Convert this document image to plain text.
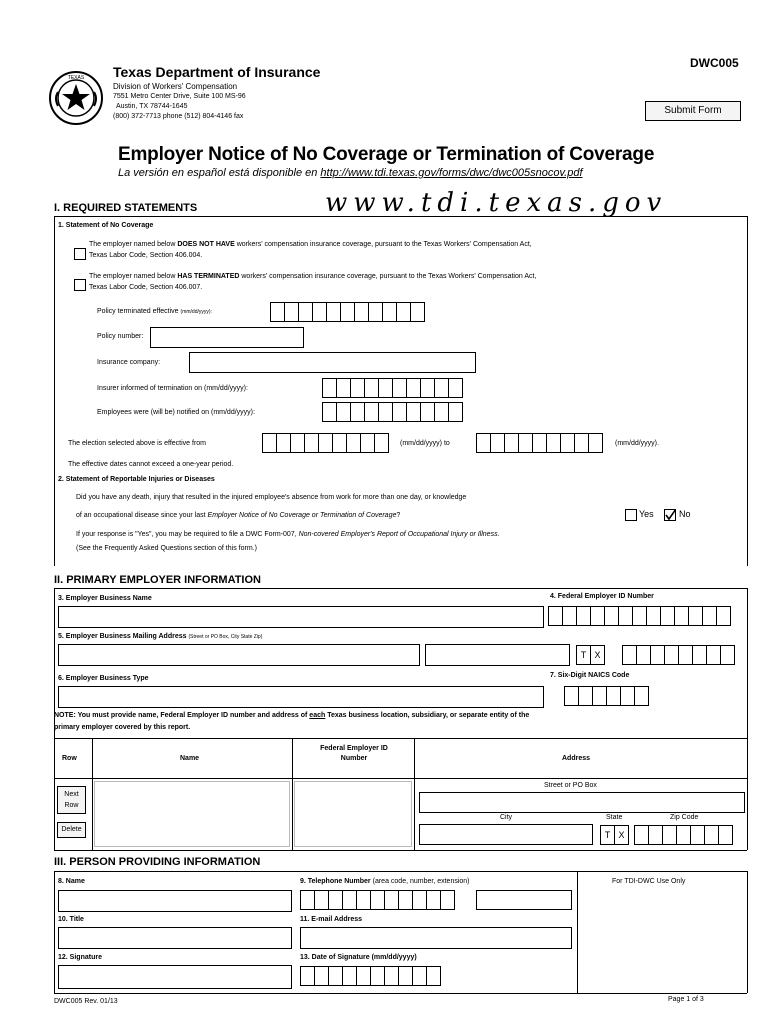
TEXAS Texas Department of Insurance
Division of Workers' Compensation
7551 Metro Center Drive, Suite 100 MS-96
Austin, TX 78744-1645
(800) 372-7713 phone (512) 804-4146 fax
DWC005
Submit Form
Employer Notice of No Coverage or Termination of Coverage
La versión en español está disponible en http://www.tdi.texas.gov/forms/dwc/dwc005snocov.pdf
I. REQUIRED STATEMENTS	www.tdi.texas.gov
1. Statement of No Coverage
The employer named below DOES NOT HAVE workers' compensation insurance coverage, pursuant to the Texas Workers' Compensation Act,
Texas Labor Code, Section 406.004.
The employer named below HAS TERMINATED workers' compensation insurance coverage, pursuant to the Texas Workers' Compensation Act,
Texas Labor Code, Section 406.007.
Policy terminated effective (mm/dd/yyyy):
Policy number:
Insurance company:
Insurer informed of termination on (mm/dd/yyyy):
Employees were (will be) notified on (mm/dd/yyyy):
The election selected above is effective from	(mm/dd/yyyy) to	(mm/dd/yyyy).
The effective dates cannot exceed a one-year period.
2. Statement of Reportable Injuries or Diseases
Did you have any death, injury that resulted in the injured employee's absence from work for more than one day, or knowledge
of an occupational disease since your last Employer Notice of No Coverage or Termination of Coverage?	Yes	No
If your response is "Yes", you may be required to file a DWC Form-007, Non-covered Employer's Report of Occupational Injury or Illness.
(See the Frequently Asked Questions section of this form.)
II. PRIMARY EMPLOYER INFORMATION
3. Employer Business Name	4. Federal Employer ID Number
5. Employer Business Mailing Address (Street or PO Box, City State Zip)
T X
6. Employer Business Type	7. Six-Digit NAICS Code
NOTE: You must provide name, Federal Employer ID number and address of each Texas business location, subsidiary, or separate entity of the
primary employer covered by this report.
Row	Name
Federal Employer ID
Number	Address
Next
Row
Delete
Street or PO Box
City	State	Zip Code
T X
III. PERSON PROVIDING INFORMATION
8. Name	9. Telephone Number (area code, number, extension)	For TDI-DWC Use Only
10. Title	11. E-mail Address
12. Signature	13. Date of Signature (mm/dd/yyyy)
DWC005 Rev. 01/13	Page 1 of 3
